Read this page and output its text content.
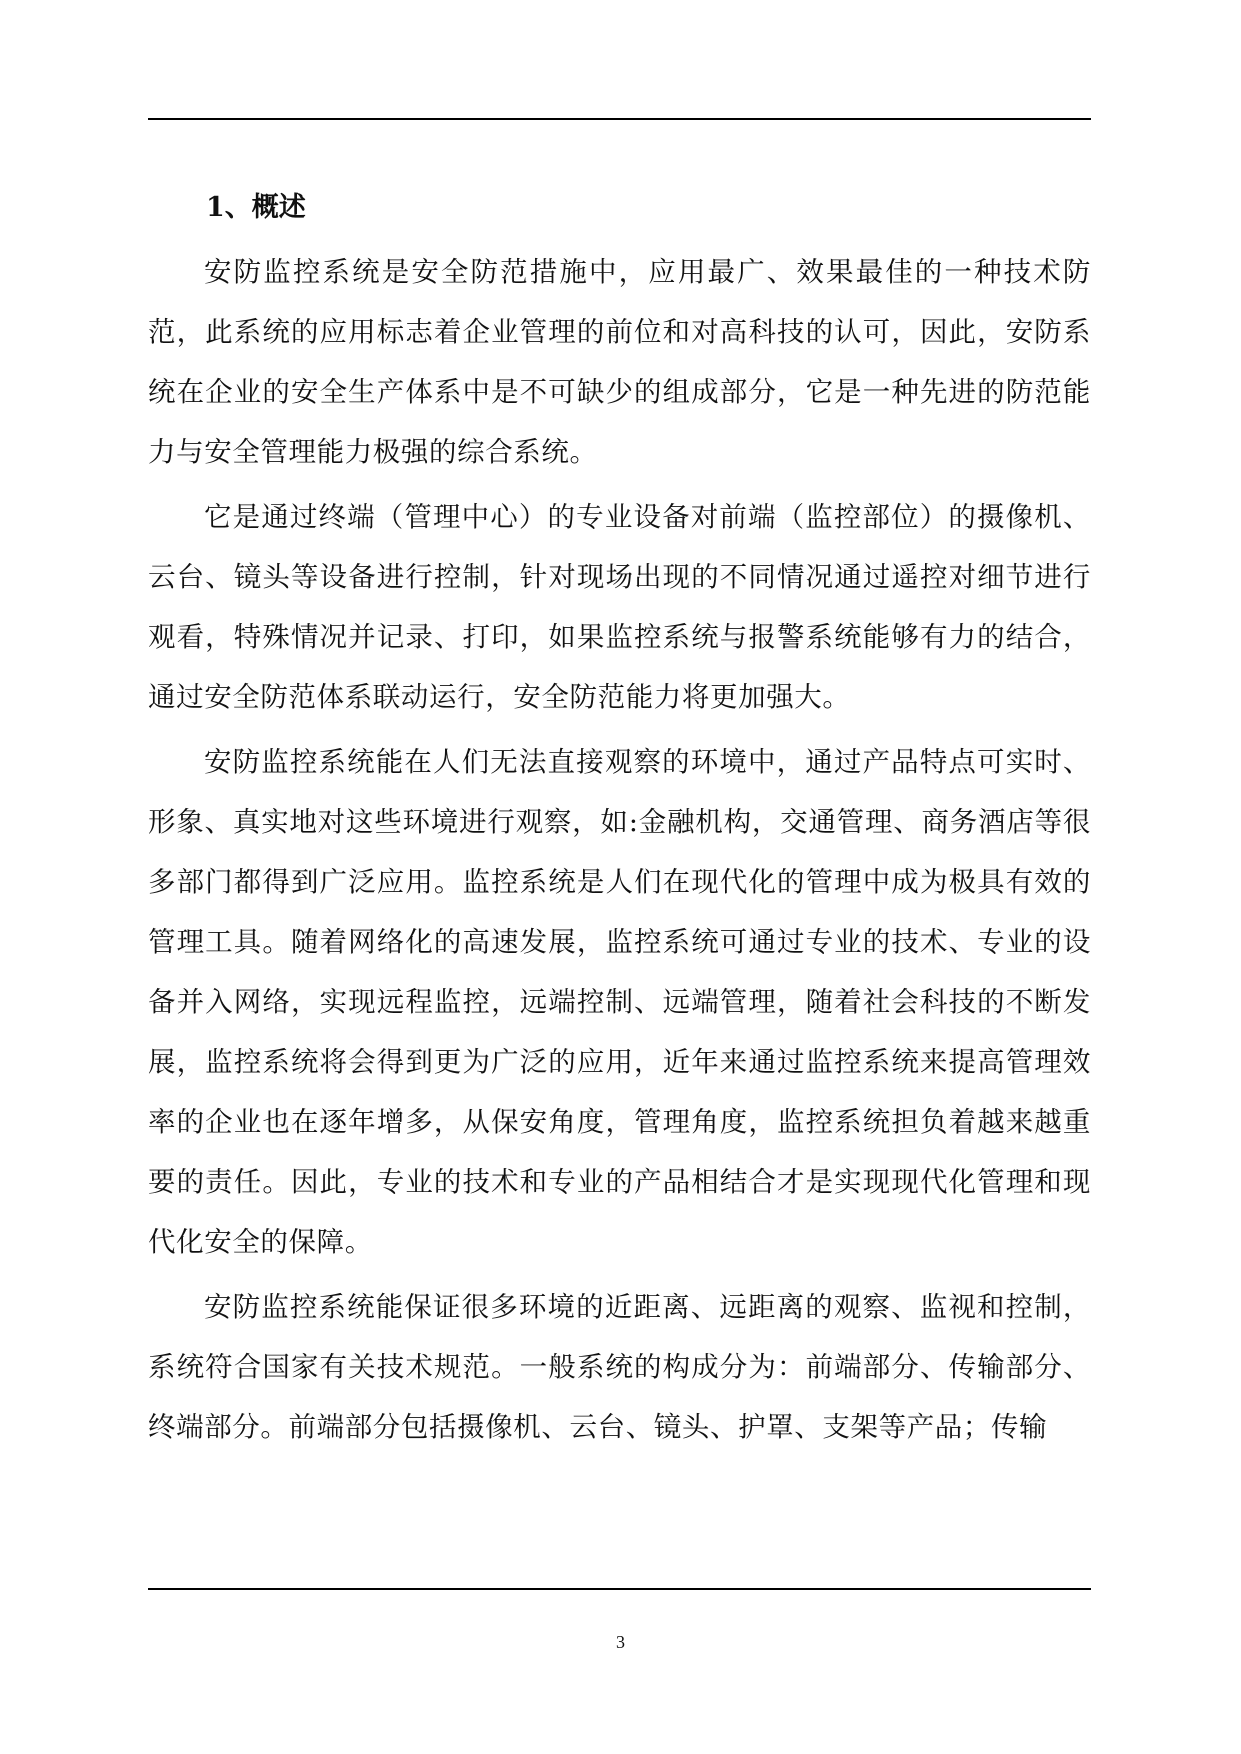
1、概述

安防监控系统是安全防范措施中，应用最广、效果最佳的一种技术防范，此系统的应用标志着企业管理的前位和对高科技的认可，因此，安防系统在企业的安全生产体系中是不可缺少的组成部分，它是一种先进的防范能力与安全管理能力极强的综合系统。

它是通过终端（管理中心）的专业设备对前端（监控部位）的摄像机、云台、镜头等设备进行控制，针对现场出现的不同情况通过遥控对细节进行观看，特殊情况并记录、打印，如果监控系统与报警系统能够有力的结合，通过安全防范体系联动运行，安全防范能力将更加强大。

安防监控系统能在人们无法直接观察的环境中，通过产品特点可实时、形象、真实地对这些环境进行观察，如:金融机构，交通管理、商务酒店等很多部门都得到广泛应用。监控系统是人们在现代化的管理中成为极具有效的管理工具。随着网络化的高速发展，监控系统可通过专业的技术、专业的设备并入网络，实现远程监控，远端控制、远端管理，随着社会科技的不断发展，监控系统将会得到更为广泛的应用，近年来通过监控系统来提高管理效率的企业也在逐年增多，从保安角度，管理角度，监控系统担负着越来越重要的责任。因此，专业的技术和专业的产品相结合才是实现现代化管理和现代化安全的保障。

安防监控系统能保证很多环境的近距离、远距离的观察、监视和控制，系统符合国家有关技术规范。一般系统的构成分为：前端部分、传输部分、终端部分。前端部分包括摄像机、云台、镜头、护罩、支架等产品；传输

3
